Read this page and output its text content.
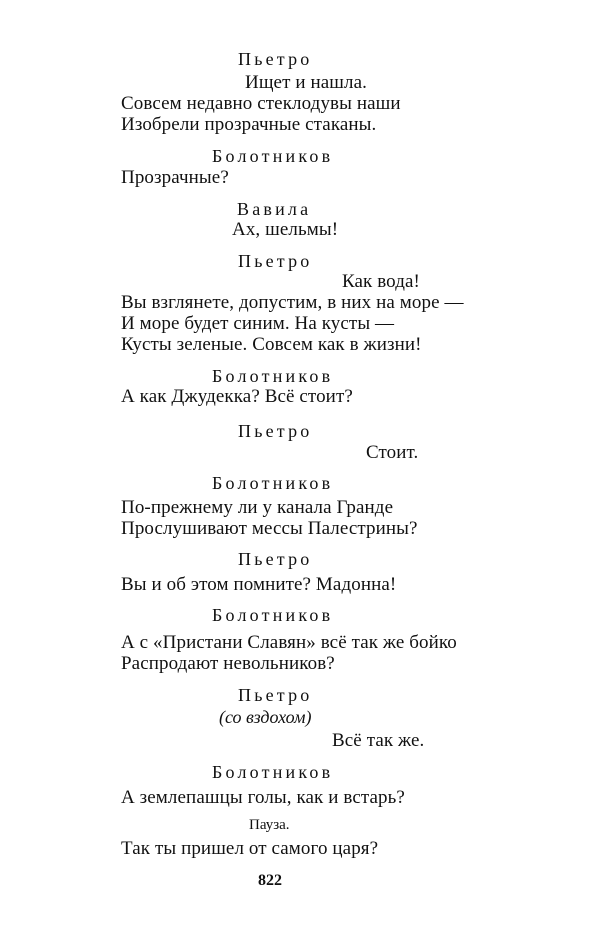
Пьетро
Ищет и нашла.
Совсем недавно стеклодувы наши
Изобрели прозрачные стаканы.
Болотников
Прозрачные?
Вавила
Ах, шельмы!
Пьетро
Как вода!
Вы взглянете, допустим, в них на море —
И море будет синим. На кусты —
Кусты зеленые. Совсем как в жизни!
Болотников
А как Джудекка? Всё стоит?
Пьетро
Стоит.
Болотников
По-прежнему ли у канала Гранде
Прослушивают мессы Палестрины?
Пьетро
Вы и об этом помните? Мадонна!
Болотников
А с «Пристани Славян» всё так же бойко
Распродают невольников?
Пьетро
(со вздохом)
Всё так же.
Болотников
А землепашцы голы, как и встарь?
Пауза.
Так ты пришел от самого царя?
822
